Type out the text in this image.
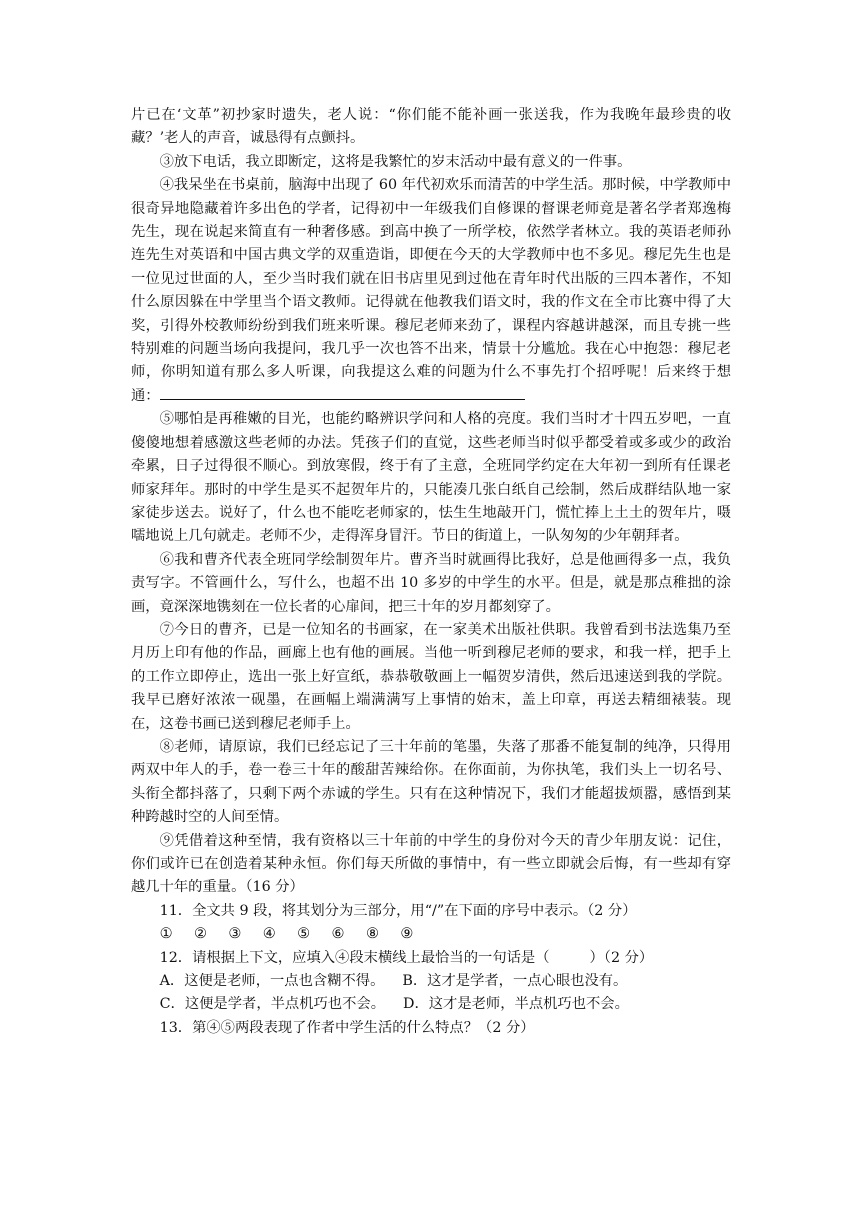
片已在‘文革”初抄家时遗失，老人说：“你们能不能补画一张送我，作为我晚年最珍贵的收藏？’老人的声音，诚恳得有点颤抖。

③放下电话，我立即断定，这将是我繁忙的岁末活动中最有意义的一件事。

④我呆坐在书桌前，脑海中出现了 60 年代初欢乐而清苦的中学生活。那时候，中学教师中很奇异地隐藏着许多出色的学者，记得初中一年级我们自修课的督课老师竟是著名学者郑逸梅先生，现在说起来简直有一种奢侈感。到高中换了一所学校，依然学者林立。我的英语老师孙连先生对英语和中国古典文学的双重造诣，即便在今天的大学教师中也不多见。穆尼先生也是一位见过世面的人，至少当时我们就在旧书店里见到过他在青年时代出版的三四本著作，不知什么原因躲在中学里当个语文教师。记得就在他教我们语文时，我的作文在全市比赛中得了大奖，引得外校教师纷纷到我们班来听课。穆尼老师来劲了，课程内容越讲越深，而且专挑一些特别难的问题当场向我提问，我几乎一次也答不出来，情景十分尴尬。我在心中抱怨：穆尼老师，你明知道有那么多人听课，向我提这么难的问题为什么不事先打个招呼呢！后来终于想通：

⑤哪怕是再稚嫩的目光，也能约略辨识学问和人格的亮度。我们当时才十四五岁吧，一直傻傻地想着感激这些老师的办法。凭孩子们的直觉，这些老师当时似乎都受着或多或少的政治牵累，日子过得很不顺心。到放寒假，终于有了主意，全班同学约定在大年初一到所有任课老师家拜年。那时的中学生是买不起贺年片的，只能凑几张白纸自己绘制，然后成群结队地一家家徒步送去。说好了，什么也不能吃老师家的，怯生生地敲开门，慌忙捧上土土的贺年片，嗫嚅地说上几句就走。老师不少，走得浑身冒汗。节日的街道上，一队匆匆的少年朝拜者。

⑥我和曹齐代表全班同学绘制贺年片。曹齐当时就画得比我好，总是他画得多一点，我负责写字。不管画什么，写什么，也超不出 10 多岁的中学生的水平。但是，就是那点稚拙的涂画，竟深深地镌刻在一位长者的心扉间，把三十年的岁月都刻穿了。

⑦今日的曹齐，已是一位知名的书画家，在一家美术出版社供职。我曾看到书法选集乃至月历上印有他的作品，画廊上也有他的画展。当他一听到穆尼老师的要求，和我一样，把手上的工作立即停止，选出一张上好宣纸，恭恭敬敬画上一幅贺岁清供，然后迅速送到我的学院。我早已磨好浓浓一砚墨，在画幅上端满满写上事情的始末，盖上印章，再送去精细裱装。现在，这卷书画已送到穆尼老师手上。

⑧老师，请原谅，我们已经忘记了三十年前的笔墨，失落了那番不能复制的纯净，只得用两双中年人的手，卷一卷三十年的酸甜苦辣给你。在你面前，为你执笔，我们头上一切名号、头衔全都抖落了，只剩下两个赤诚的学生。只有在这种情况下，我们才能超拔烦嚣，感悟到某种跨越时空的人间至情。

⑨凭借着这种至情，我有资格以三十年前的中学生的身份对今天的青少年朋友说：记住，你们或许已在创造着某种永恒。你们每天所做的事情中，有一些立即就会后悔，有一些却有穿越几十年的重量。（16 分）

11．全文共 9 段，将其划分为三部分，用“/”在下面的序号中表示。（2 分）

① ② ③ ④ ⑤ ⑥ ⑧ ⑨

12．请根据上下文，应填入④段末横线上最恰当的一句话是（	）（2 分）

A．这便是老师，一点也含糊不得。 B．这才是学者，一点心眼也没有。

C．这便是学者，半点机巧也不会。 D．这才是老师，半点机巧也不会。

13．第④⑤两段表现了作者中学生活的什么特点？（2 分）
